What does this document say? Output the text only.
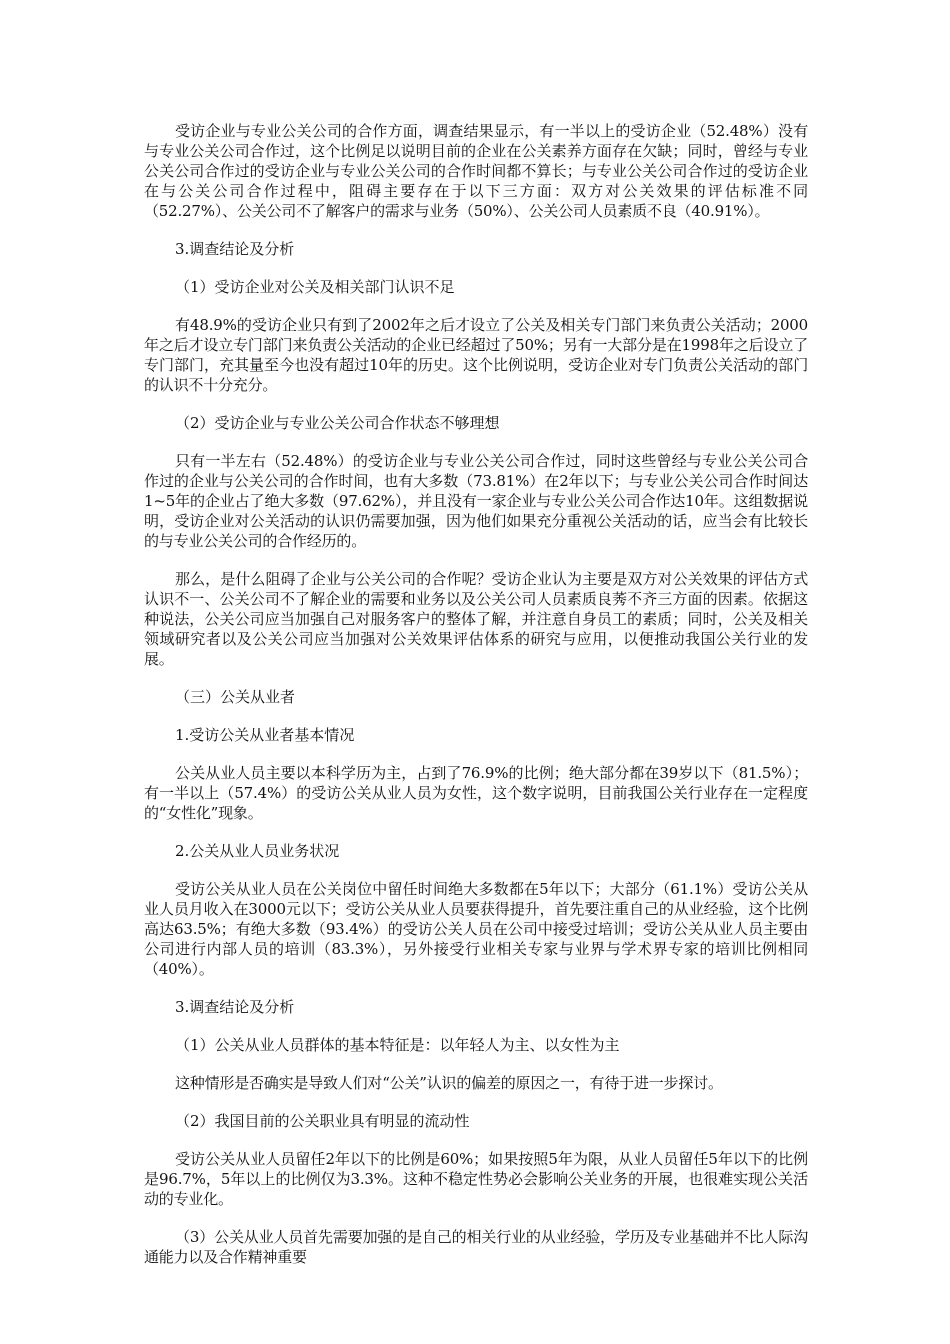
受访企业与专业公关公司的合作方面，调查结果显示，有一半以上的受访企业（52.48%）没有与专业公关公司合作过，这个比例足以说明目前的企业在公关素养方面存在欠缺；同时，曾经与专业公关公司合作过的受访企业与专业公关公司的合作时间都不算长；与专业公关公司合作过的受访企业在与公关公司合作过程中，阻碍主要存在于以下三方面：双方对公关效果的评估标准不同（52.27%）、公关公司不了解客户的需求与业务（50%）、公关公司人员素质不良（40.91%）。

3.调查结论及分析

（1）受访企业对公关及相关部门认识不足

有48.9%的受访企业只有到了2002年之后才设立了公关及相关专门部门来负责公关活动；2000年之后才设立专门部门来负责公关活动的企业已经超过了50%；另有一大部分是在1998年之后设立了专门部门，充其量至今也没有超过10年的历史。这个比例说明，受访企业对专门负责公关活动的部门的认识不十分充分。

（2）受访企业与专业公关公司合作状态不够理想

只有一半左右（52.48%）的受访企业与专业公关公司合作过，同时这些曾经与专业公关公司合作过的企业与公关公司的合作时间，也有大多数（73.81%）在2年以下；与专业公关公司合作时间达1~5年的企业占了绝大多数（97.62%），并且没有一家企业与专业公关公司合作达10年。这组数据说明，受访企业对公关活动的认识仍需要加强，因为他们如果充分重视公关活动的话，应当会有比较长的与专业公关公司的合作经历的。

那么，是什么阻碍了企业与公关公司的合作呢？受访企业认为主要是双方对公关效果的评估方式认识不一、公关公司不了解企业的需要和业务以及公关公司人员素质良莠不齐三方面的因素。依据这种说法，公关公司应当加强自己对服务客户的整体了解，并注意自身员工的素质；同时，公关及相关领域研究者以及公关公司应当加强对公关效果评估体系的研究与应用，以便推动我国公关行业的发展。

（三）公关从业者

1.受访公关从业者基本情况

公关从业人员主要以本科学历为主，占到了76.9%的比例；绝大部分都在39岁以下（81.5%）；有一半以上（57.4%）的受访公关从业人员为女性，这个数字说明，目前我国公关行业存在一定程度的“女性化”现象。

2.公关从业人员业务状况

受访公关从业人员在公关岗位中留任时间绝大多数都在5年以下；大部分（61.1%）受访公关从业人员月收入在3000元以下；受访公关从业人员要获得提升，首先要注重自己的从业经验，这个比例高达63.5%；有绝大多数（93.4%）的受访公关人员在公司中接受过培训；受访公关从业人员主要由公司进行内部人员的培训（83.3%），另外接受行业相关专家与业界与学术界专家的培训比例相同（40%）。

3.调查结论及分析

（1）公关从业人员群体的基本特征是：以年轻人为主、以女性为主

这种情形是否确实是导致人们对“公关”认识的偏差的原因之一，有待于进一步探讨。

（2）我国目前的公关职业具有明显的流动性

受访公关从业人员留任2年以下的比例是60%；如果按照5年为限，从业人员留任5年以下的比例是96.7%，5年以上的比例仅为3.3%。这种不稳定性势必会影响公关业务的开展，也很难实现公关活动的专业化。

（3）公关从业人员首先需要加强的是自己的相关行业的从业经验，学历及专业基础并不比人际沟通能力以及合作精神重要
